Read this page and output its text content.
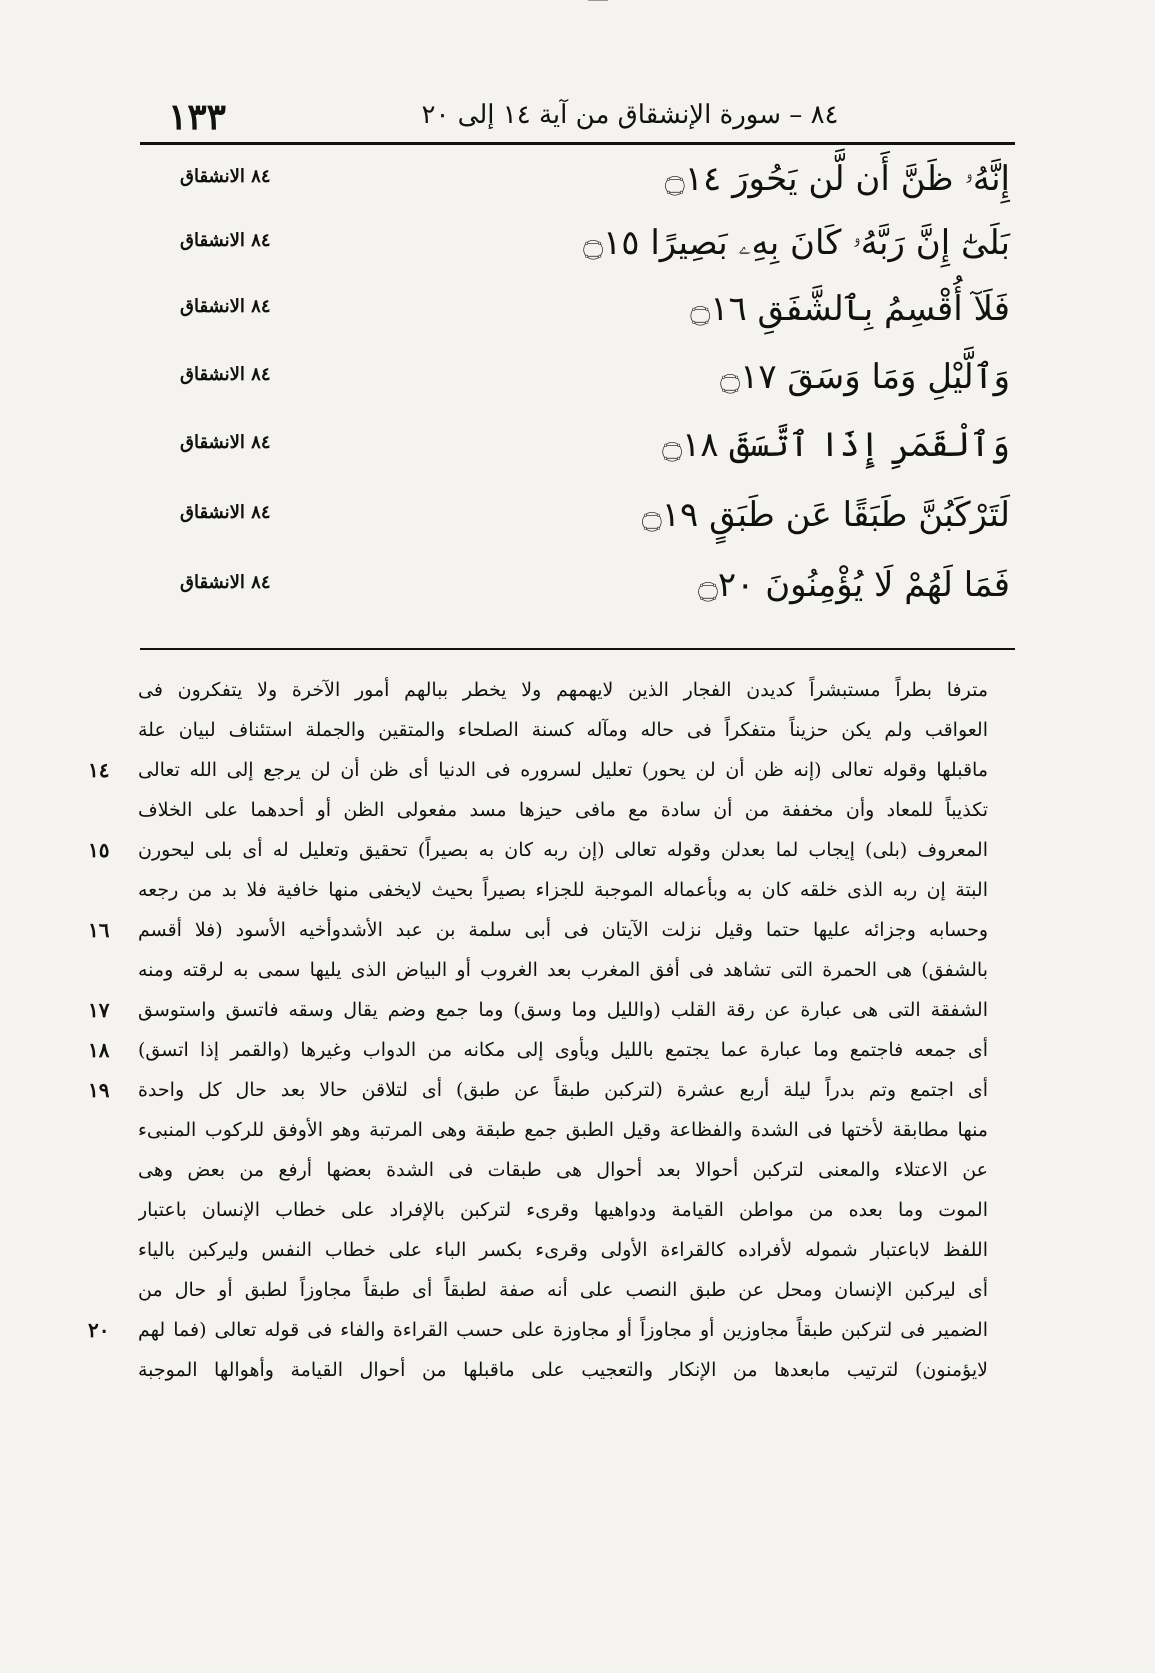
١٣٣	٨٤ – سورة الإنشقاق من آية ١٤ إلى ٢٠
إِنَّهُۥ ظَنَّ أَن لَّن يَحُورَ ۝١٤
٨٤ الانشقاق
بَلَىٰٓ إِنَّ رَبَّهُۥ كَانَ بِهِۦ بَصِيرًا ۝١٥
٨٤ الانشقاق
فَلَآ أُقْسِمُ بِٱلشَّفَقِ ۝١٦
٨٤ الانشقاق
وَٱلَّيْلِ وَمَا وَسَقَ ۝١٧
٨٤ الانشقاق
وَٱلْقَمَرِ إِذَا ٱتَّسَقَ ۝١٨
٨٤ الانشقاق
لَتَرْكَبُنَّ طَبَقًا عَن طَبَقٍ ۝١٩
٨٤ الانشقاق
فَمَا لَهُمْ لَا يُؤْمِنُونَ ۝٢٠
٨٤ الانشقاق
مترفا بطراً مستبشراً كديدن الفجار الذين لايهمهم ولا يخطر ببالهم أمور الآخرة ولا يتفكرون فى
العواقب ولم يكن حزيناً متفكراً فى حاله ومآله كسنة الصلحاء والمتقين والجملة استئناف لبيان علة
ماقبلها وقوله تعالى (إنه ظن أن لن يحور) تعليل لسروره فى الدنيا أى ظن أن لن يرجع إلى الله تعالى
١٤
تكذيباً للمعاد وأن مخففة من أن سادة مع مافى حيزها مسد مفعولى الظن أو أحدهما على الخلاف
المعروف (بلى) إيجاب لما بعدلن وقوله تعالى (إن ربه كان به بصيراً) تحقيق وتعليل له أى بلى ليحورن
١٥
البتة إن ربه الذى خلقه كان به وبأعماله الموجبة للجزاء بصيراً بحيث لايخفى منها خافية فلا بد من رجعه
وحسابه وجزائه عليها حتما وقيل نزلت الآيتان فى أبى سلمة بن عبد الأشدوأخيه الأسود (فلا أقسم
١٦
بالشفق) هى الحمرة التى تشاهد فى أفق المغرب بعد الغروب أو البياض الذى يليها سمى به لرقته ومنه
الشفقة التى هى عبارة عن رقة القلب (والليل وما وسق) وما جمع وضم يقال وسقه فاتسق واستوسق
١٧
أى جمعه فاجتمع وما عبارة عما يجتمع بالليل ويأوى إلى مكانه من الدواب وغيرها (والقمر إذا اتسق)
١٨
أى اجتمع وتم بدراً ليلة أربع عشرة (لتركبن طبقاً عن طبق) أى لتلاقن حالا بعد حال كل واحدة
١٩
منها مطابقة لأختها فى الشدة والفظاعة وقيل الطبق جمع طبقة وهى المرتبة وهو الأوفق للركوب المنبىء
عن الاعتلاء والمعنى لتركبن أحوالا بعد أحوال هى طبقات فى الشدة بعضها أرفع من بعض وهى
الموت وما بعده من مواطن القيامة ودواهيها وقرىء لتركبن بالإفراد على خطاب الإنسان باعتبار
اللفظ لاباعتبار شموله لأفراده كالقراءة الأولى وقرىء بكسر الباء على خطاب النفس وليركبن بالياء
أى ليركبن الإنسان ومحل عن طبق النصب على أنه صفة لطبقاً أى طبقاً مجاوزاً لطبق أو حال من
الضمير فى لتركبن طبقاً مجاوزين أو مجاوزاً أو مجاوزة على حسب القراءة والفاء فى قوله تعالى (فما لهم
٢٠
لايؤمنون) لترتيب مابعدها من الإنكار والتعجيب على ماقبلها من أحوال القيامة وأهوالها الموجبة
